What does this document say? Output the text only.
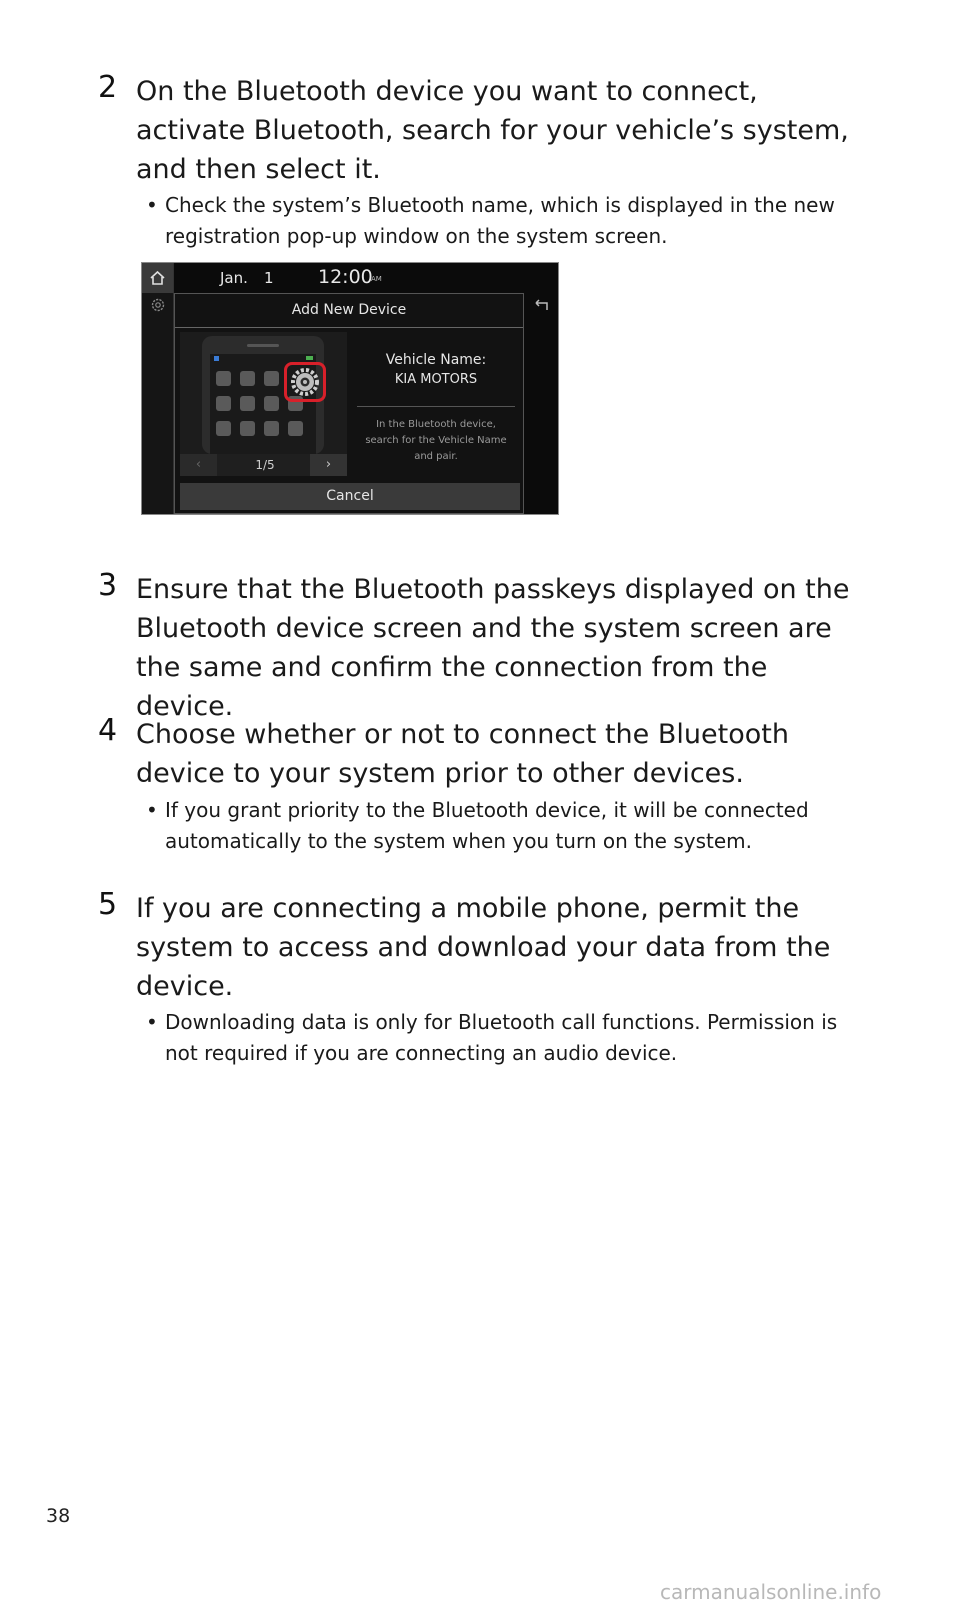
2 On the Bluetooth device you want to connect, activate Bluetooth, search for your vehicle’s system, and then select it.
• Check the system’s Bluetooth name, which is displayed in the new registration pop-up window on the system screen.
Jan. 1 12:00
AM
Add New Device
‹	1/5	›
Vehicle Name:
KIA MOTORS
In the Bluetooth device,
search for the Vehicle Name
and pair.
Cancel
3 Ensure that the Bluetooth passkeys displayed on the Bluetooth device screen and the system screen are the same and confirm the connection from the device.
4 Choose whether or not to connect the Bluetooth device to your system prior to other devices.
• If you grant priority to the Bluetooth device, it will be connected automatically to the system when you turn on the system.
5 If you are connecting a mobile phone, permit the system to access and download your data from the device.
• Downloading data is only for Bluetooth call functions. Permission is not required if you are connecting an audio device.
38
carmanualsonline.info
